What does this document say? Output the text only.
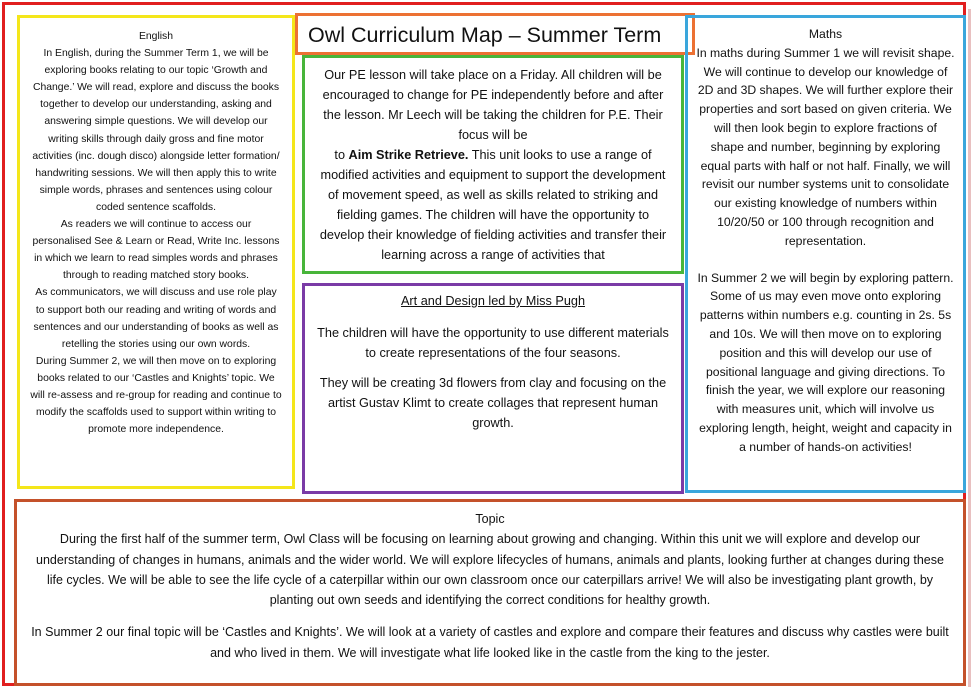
English

In English, during the Summer Term 1, we will be exploring books relating to our topic ‘Growth and Change.’ We will read, explore and discuss the books together to develop our understanding, asking and answering simple questions. We will develop our writing skills through daily gross and fine motor activities (inc. dough disco) alongside letter formation/ handwriting sessions. We will then apply this to write simple words, phrases and sentences using colour coded sentence scaffolds.

As readers we will continue to access our personalised See & Learn or Read, Write Inc. lessons in which we learn to read simples words and phrases through to reading matched story books.

As communicators, we will discuss and use role play to support both our reading and writing of words and sentences and our understanding of books as well as retelling the stories using our own words.

During Summer 2, we will then move on to exploring books related to our ‘Castles and Knights’ topic. We will re-assess and re-group for reading and continue to modify the scaffolds used to support within writing to promote more independence.

Owl Curriculum Map – Summer Term

Our PE lesson will take place on a Friday. All children will be encouraged to change for PE independently before and after the lesson. Mr Leech will be taking the children for P.E. Their focus will be

to Aim Strike Retrieve. This unit looks to use a range of modified activities and equipment to support the development of movement speed, as well as skills related to striking and fielding games. The children will have the opportunity to develop their knowledge of fielding activities and transfer their learning across a range of activities that

Art and Design led by Miss Pugh

The children will have the opportunity to use different materials to create representations of the four seasons.

They will be creating 3d flowers from clay and focusing on the artist Gustav Klimt to create collages that represent human growth.

Maths

In maths during Summer 1 we will revisit shape. We will continue to develop our knowledge of 2D and 3D shapes. We will further explore their properties and sort based on given criteria. We will then look begin to explore fractions of shape and number, beginning by exploring equal parts with half or not half. Finally, we will revisit our number systems unit to consolidate our existing knowledge of numbers within 10/20/50 or 100 through recognition and representation.

In Summer 2 we will begin by exploring pattern. Some of us may even move onto exploring patterns within numbers e.g. counting in 2s. 5s and 10s. We will then move on to exploring position and this will develop our use of positional language and giving directions. To finish the year, we will explore our reasoning with measures unit, which will involve us exploring length, height, weight and capacity in a number of hands-on activities!

Topic

During the first half of the summer term, Owl Class will be focusing on learning about growing and changing. Within this unit we will explore and develop our understanding of changes in humans, animals and the wider world. We will explore lifecycles of humans, animals and plants, looking further at changes during these life cycles. We will be able to see the life cycle of a caterpillar within our own classroom once our caterpillars arrive! We will also be investigating plant growth, by planting out own seeds and identifying the correct conditions for healthy growth.

In Summer 2 our final topic will be ‘Castles and Knights’. We will look at a variety of castles and explore and compare their features and discuss why castles were built and who lived in them. We will investigate what life looked like in the castle from the king to the jester.
